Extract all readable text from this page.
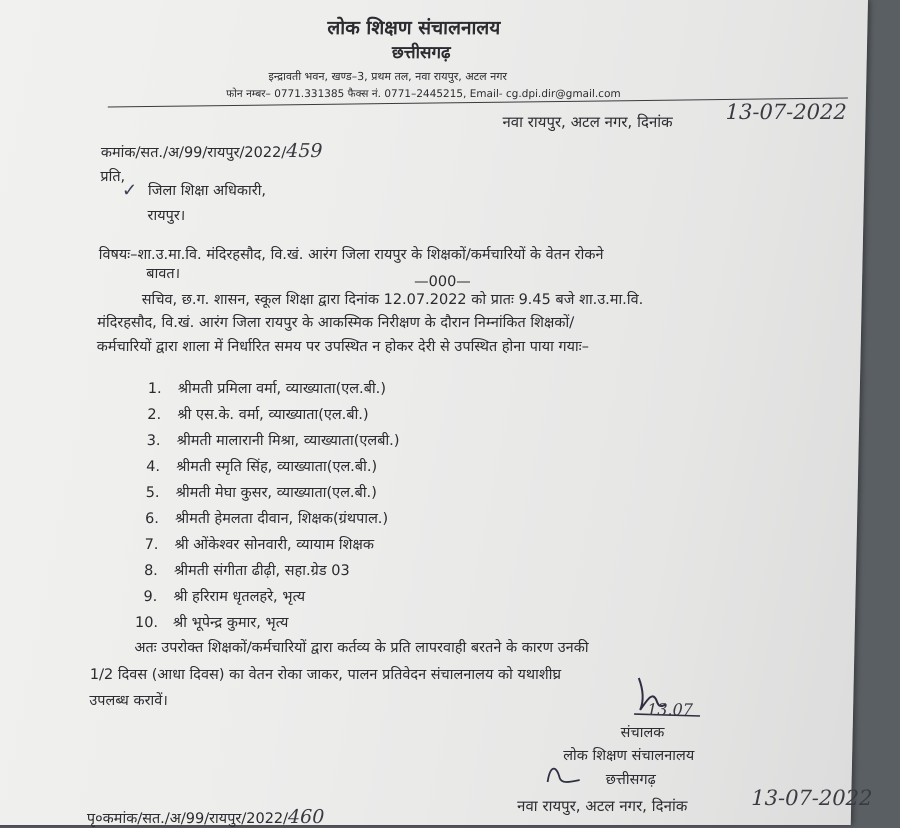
लोक शिक्षण संचालनालय
छत्तीसगढ़
इन्द्रावती भवन, खण्ड–3, प्रथम तल, नवा रायपुर, अटल नगर
फोन नम्बर– 0771.331385 फैक्स नं. 0771–2445215, Email- cg.dpi.dir@gmail.com
नवा रायपुर, अटल नगर, दिनांक	13-07-2022
कमांक/सत./अ/99/रायपुर/2022/459
प्रति,
✓ जिला शिक्षा अधिकारी,
रायपुर।
विषयः–शा.उ.मा.वि. मंदिरहसौद, वि.खं. आरंग जिला रायपुर के शिक्षकों/कर्मचारियों के वेतन रोकने
बावत।	—000—
सचिव, छ.ग. शासन, स्कूल शिक्षा द्वारा दिनांक 12.07.2022 को प्रातः 9.45 बजे शा.उ.मा.वि.
मंदिरहसौद, वि.खं. आरंग जिला रायपुर के आकस्मिक निरीक्षण के दौरान निम्नांकित शिक्षकों/
कर्मचारियों द्वारा शाला में निर्धारित समय पर उपस्थित न होकर देरी से उपस्थित होना पाया गयाः–
1. श्रीमती प्रमिला वर्मा, व्याख्याता(एल.बी.)
2. श्री एस.के. वर्मा, व्याख्याता(एल.बी.)
3. श्रीमती मालारानी मिश्रा, व्याख्याता(एलबी.)
4. श्रीमती स्मृति सिंह, व्याख्याता(एल.बी.)
5. श्रीमती मेघा कुसर, व्याख्याता(एल.बी.)
6. श्रीमती हेमलता दीवान, शिक्षक(ग्रंथपाल.)
7. श्री ओंकेश्वर सोनवारी, व्यायाम शिक्षक
8. श्रीमती संगीता ढीढ़ी, सहा.ग्रेड 03
9. श्री हरिराम धृतलहरे, भृत्य
10. श्री भूपेन्द्र कुमार, भृत्य
अतः उपरोक्त शिक्षकों/कर्मचारियों द्वारा कर्तव्य के प्रति लापरवाही बरतने के कारण उनकी
1/2 दिवस (आधा दिवस) का वेतन रोका जाकर, पालन प्रतिवेदन संचालनालय को यथाशीघ्र
उपलब्ध करावें।	13.07
संचालक
लोक शिक्षण संचालनालय
छत्तीसगढ़
नवा रायपुर, अटल नगर, दिनांक	13-07-2022
पृ०कमांक/सत./अ/99/रायपुर/2022/460
